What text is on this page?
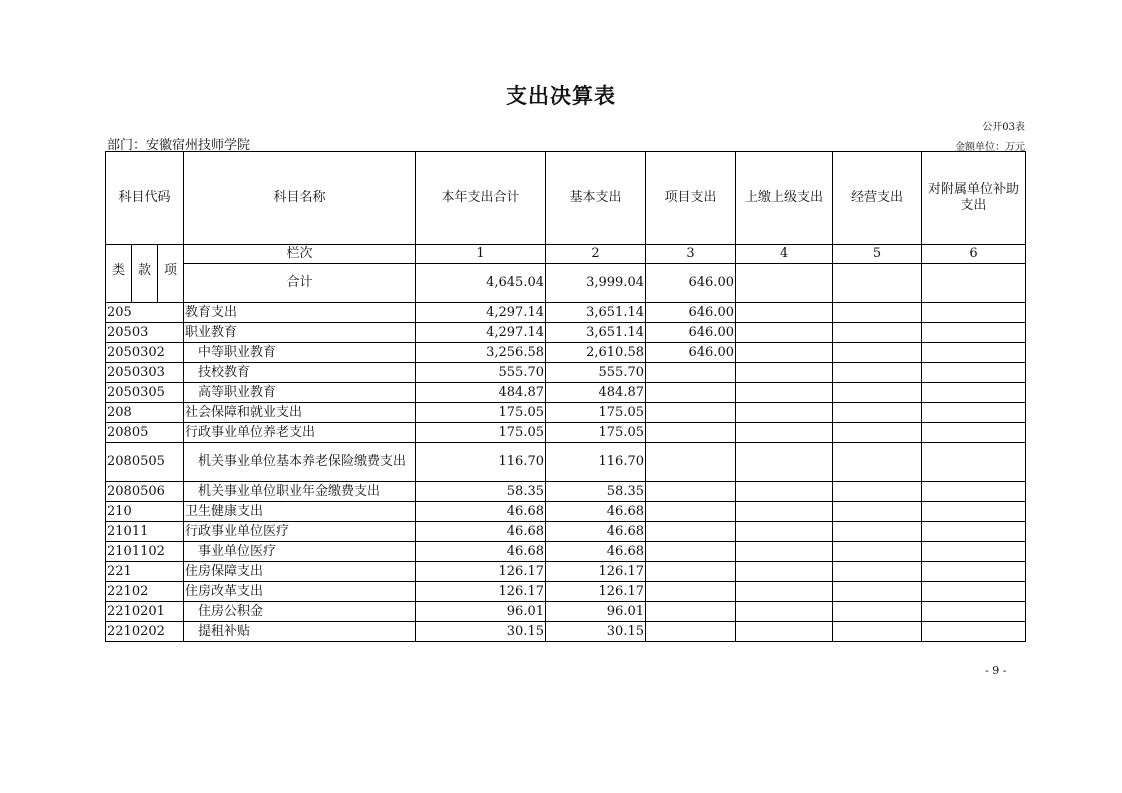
支出决算表
公开03表
部门：安徽宿州技师学院	金额单位：万元
科目代码			科目名称	本年支出合计	基本支出	项目支出	上缴上级支出	经营支出	对附属单位补助支出
类	款	项	栏次	1	2	3	4	5	6
			合计	4,645.04	3,999.04	646.00			
205			教育支出	4,297.14	3,651.14	646.00			
20503			职业教育	4,297.14	3,651.14	646.00			
2050302			中等职业教育	3,256.58	2,610.58	646.00			
2050303			技校教育	555.70	555.70				
2050305			高等职业教育	484.87	484.87				
208			社会保障和就业支出	175.05	175.05				
20805			行政事业单位养老支出	175.05	175.05				
2080505			机关事业单位基本养老保险缴费支出	116.70	116.70				
2080506			机关事业单位职业年金缴费支出	58.35	58.35				
210			卫生健康支出	46.68	46.68				
21011			行政事业单位医疗	46.68	46.68				
2101102			事业单位医疗	46.68	46.68				
221			住房保障支出	126.17	126.17				
22102			住房改革支出	126.17	126.17				
2210201			住房公积金	96.01	96.01				
2210202			提租补贴	30.15	30.15				
- 9 -
